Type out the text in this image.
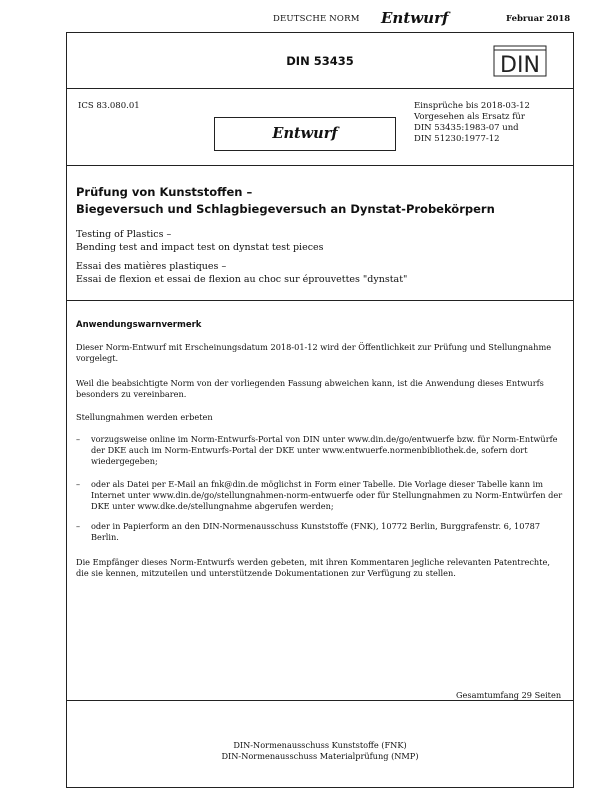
DEUTSCHE NORM Entwurf	Februar 2018
DIN 53435	DIN
ICS 83.080.01	Einsprüche bis 2018-03-12
Vorgesehen als Ersatz für
DIN 53435:1983-07 und
DIN 51230:1977-12
Entwurf
Prüfung von Kunststoffen –
Biegeversuch und Schlagbiegeversuch an Dynstat-Probekörpern
Testing of Plastics –
Bending test and impact test on dynstat test pieces
Essai des matières plastiques –
Essai de flexion et essai de flexion au choc sur éprouvettes "dynstat"
Anwendungswarnvermerk
Dieser Norm-Entwurf mit Erscheinungsdatum 2018-01-12 wird der Öffentlichkeit zur Prüfung und Stellungnahme vorgelegt.
Weil die beabsichtigte Norm von der vorliegenden Fassung abweichen kann, ist die Anwendung dieses Entwurfs besonders zu vereinbaren.
Stellungnahmen werden erbeten
– vorzugsweise online im Norm-Entwurfs-Portal von DIN unter www.din.de/go/entwuerfe bzw. für Norm-Entwürfe der DKE auch im Norm-Entwurfs-Portal der DKE unter www.entwuerfe.normenbibliothek.de, sofern dort wiedergegeben;
– oder als Datei per E-Mail an fnk@din.de möglichst in Form einer Tabelle. Die Vorlage dieser Tabelle kann im Internet unter www.din.de/go/stellungnahmen-norm-entwuerfe oder für Stellungnahmen zu Norm-Entwürfen der DKE unter www.dke.de/stellungnahme abgerufen werden;
– oder in Papierform an den DIN-Normenausschuss Kunststoffe (FNK), 10772 Berlin, Burggrafenstr. 6, 10787 Berlin.
Die Empfänger dieses Norm-Entwurfs werden gebeten, mit ihren Kommentaren jegliche relevanten Patentrechte, die sie kennen, mitzuteilen und unterstützende Dokumentationen zur Verfügung zu stellen.
Gesamtumfang 29 Seiten
DIN-Normenausschuss Kunststoffe (FNK)
DIN-Normenausschuss Materialprüfung (NMP)
